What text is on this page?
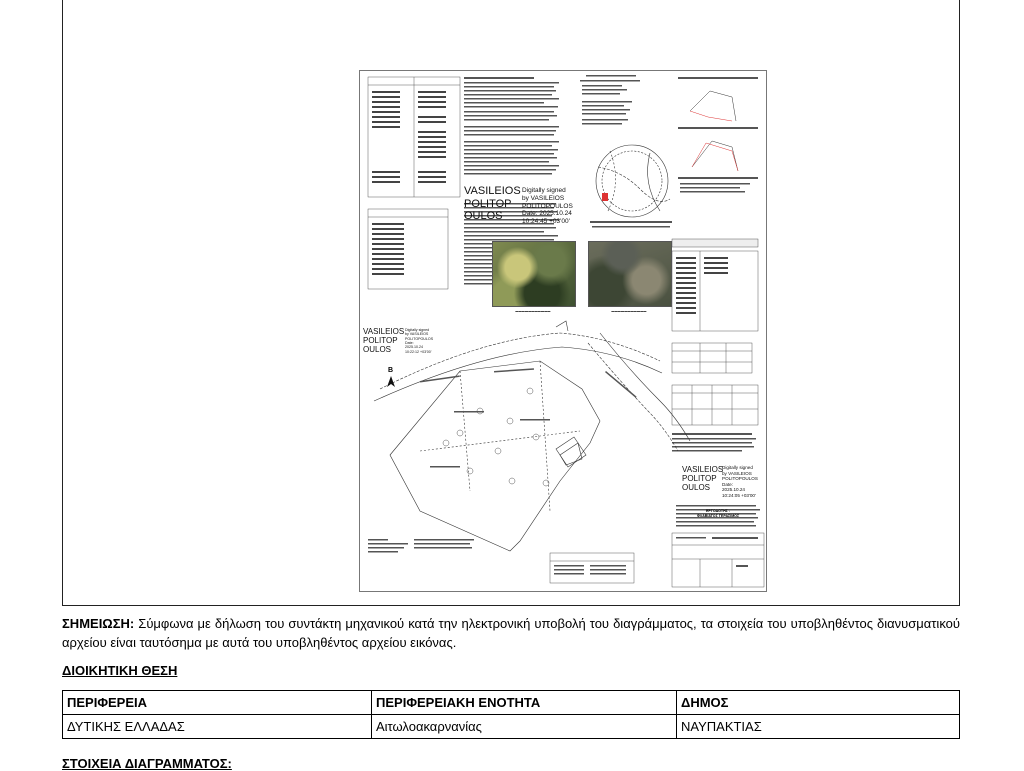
▬▬▬▬▬▬▬▬▬▬▬	▬▬▬▬▬▬▬▬▬▬▬
VASILEIOS
POLITOP
OULOS
Digitally signed
by VASILEIOS
POLITOPOULOS
Date: 2025.10.24
10:24:45 +03'00'
VASILEIOS
POLITOP
OULOS
Digitally signed
by VASILEIOS
POLITOPOULOS
Date:
2025.10.24
10:22:12 +03'00'
VASILEIOS
POLITOP
OULOS
Digitally signed
by VASILEIOS
POLITOPOULOS
Date:
2025.10.24
10:24:05 +03'00'
B
ΕΡΓΟΔΟΤΗΣ :
ΦΛΑΒΙΑΤΟΣ ΓΕΡΑΣΙΜΟΣ
ΣΗΜΕΙΩΣΗ: Σύμφωνα με δήλωση του συντάκτη μηχανικού κατά την ηλεκτρονική υποβολή του διαγράμματος, τα στοιχεία του υποβληθέντος διανυσματικού αρχείου είναι ταυτόσημα με αυτά του υποβληθέντος αρχείου εικόνας.
ΔΙΟΙΚΗΤΙΚΗ ΘΕΣΗ
ΠΕΡΙΦΕΡΕΙΑ	ΠΕΡΙΦΕΡΕΙΑΚΗ ΕΝΟΤΗΤΑ	ΔΗΜΟΣ
ΔΥΤΙΚΗΣ ΕΛΛΑΔΑΣ	Αιτωλοακαρνανίας	ΝΑΥΠΑΚΤΙΑΣ
ΣΤΟΙΧΕΙΑ ΔΙΑΓΡΑΜΜΑΤΟΣ:
